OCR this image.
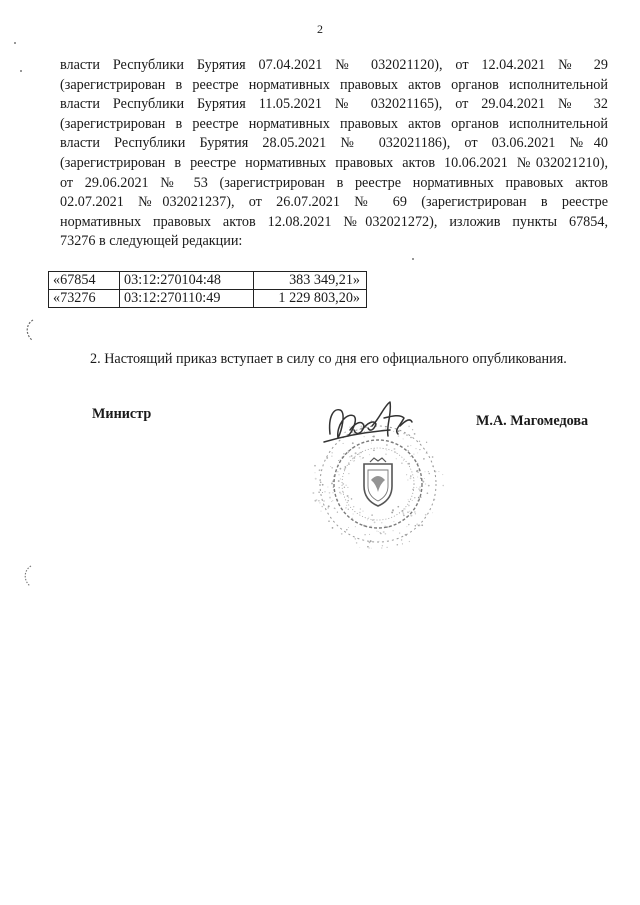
2
власти Республики Бурятия 07.04.2021 № 032021120), от 12.04.2021 № 29
(зарегистрирован в реестре нормативных правовых актов органов исполнительной
власти Республики Бурятия 11.05.2021 № 032021165), от 29.04.2021 № 32
(зарегистрирован в реестре нормативных правовых актов органов исполнительной
власти Республики Бурятия 28.05.2021 № 032021186), от 03.06.2021 №40
(зарегистрирован в реестре нормативных правовых актов 10.06.2021 №032021210),
от 29.06.2021 № 53 (зарегистрирован в реестре нормативных правовых актов
02.07.2021 №032021237), от 26.07.2021 № 69 (зарегистрирован в реестре
нормативных правовых актов 12.08.2021 №032021272), изложив пункты 67854,
73276 в следующей редакции:
«67854	03:12:270104:48	383 349,21»
«73276	03:12:270110:49	1 229 803,20»
2. Настоящий приказ вступает в силу со дня его официального опубликования.
Министр	М.А. Магомедова
